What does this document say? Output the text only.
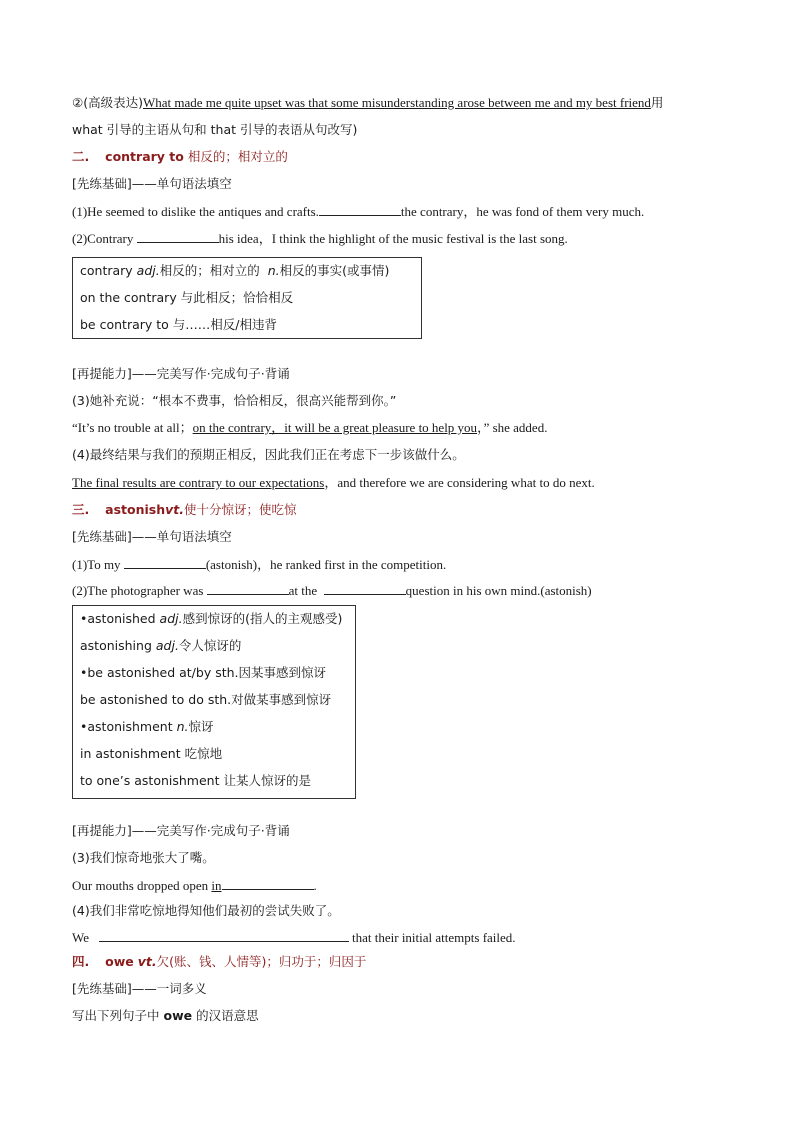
②(高级表达)What made me quite upset was that some misunderstanding arose between me and my best friend用
what 引导的主语从句和 that 引导的表语从句改写)
二. contrary to 相反的；相对立的
[先练基础]——单句语法填空
(1)He seemed to dislike the antiques and crafts.	the contrary，he was fond of them very much.
(2)Contrary	his idea，I think the highlight of the music festival is the last song.
contrary adj.相反的；相对立的 n.相反的事实(或事情)
on the contrary 与此相反；恰恰相反
be contrary to 与……相反/相违背
[再提能力]——完美写作·完成句子·背诵
(3)她补充说：“根本不费事，恰恰相反，很高兴能帮到你。”
“It’s no trouble at all；on the contrary，it will be a great pleasure to help you，” she added.
(4)最终结果与我们的预期正相反，因此我们正在考虑下一步该做什么。
The final results are contrary to our expectations，and therefore we are considering what to do next.
三. astonishvt.使十分惊讶；使吃惊
[先练基础]——单句语法填空
(1)To my	(astonish)，he ranked first in the competition.
(2)The photographer was	at the	question in his own mind.(astonish)
•astonished adj.感到惊讶的(指人的主观感受)
astonishing adj.令人惊讶的
•be astonished at/by sth.因某事感到惊讶
be astonished to do sth.对做某事感到惊讶
•astonishment n.惊讶
in astonishment 吃惊地
to one’s astonishment 让某人惊讶的是
[再提能力]——完美写作·完成句子·背诵
(3)我们惊奇地张大了嘴。
Our mouths dropped open in	.
(4)我们非常吃惊地得知他们最初的尝试失败了。
We	that their initial attempts failed.
四. owe vt.欠(账、钱、人情等)；归功于；归因于
[先练基础]——一词多义
写出下列句子中 owe 的汉语意思
